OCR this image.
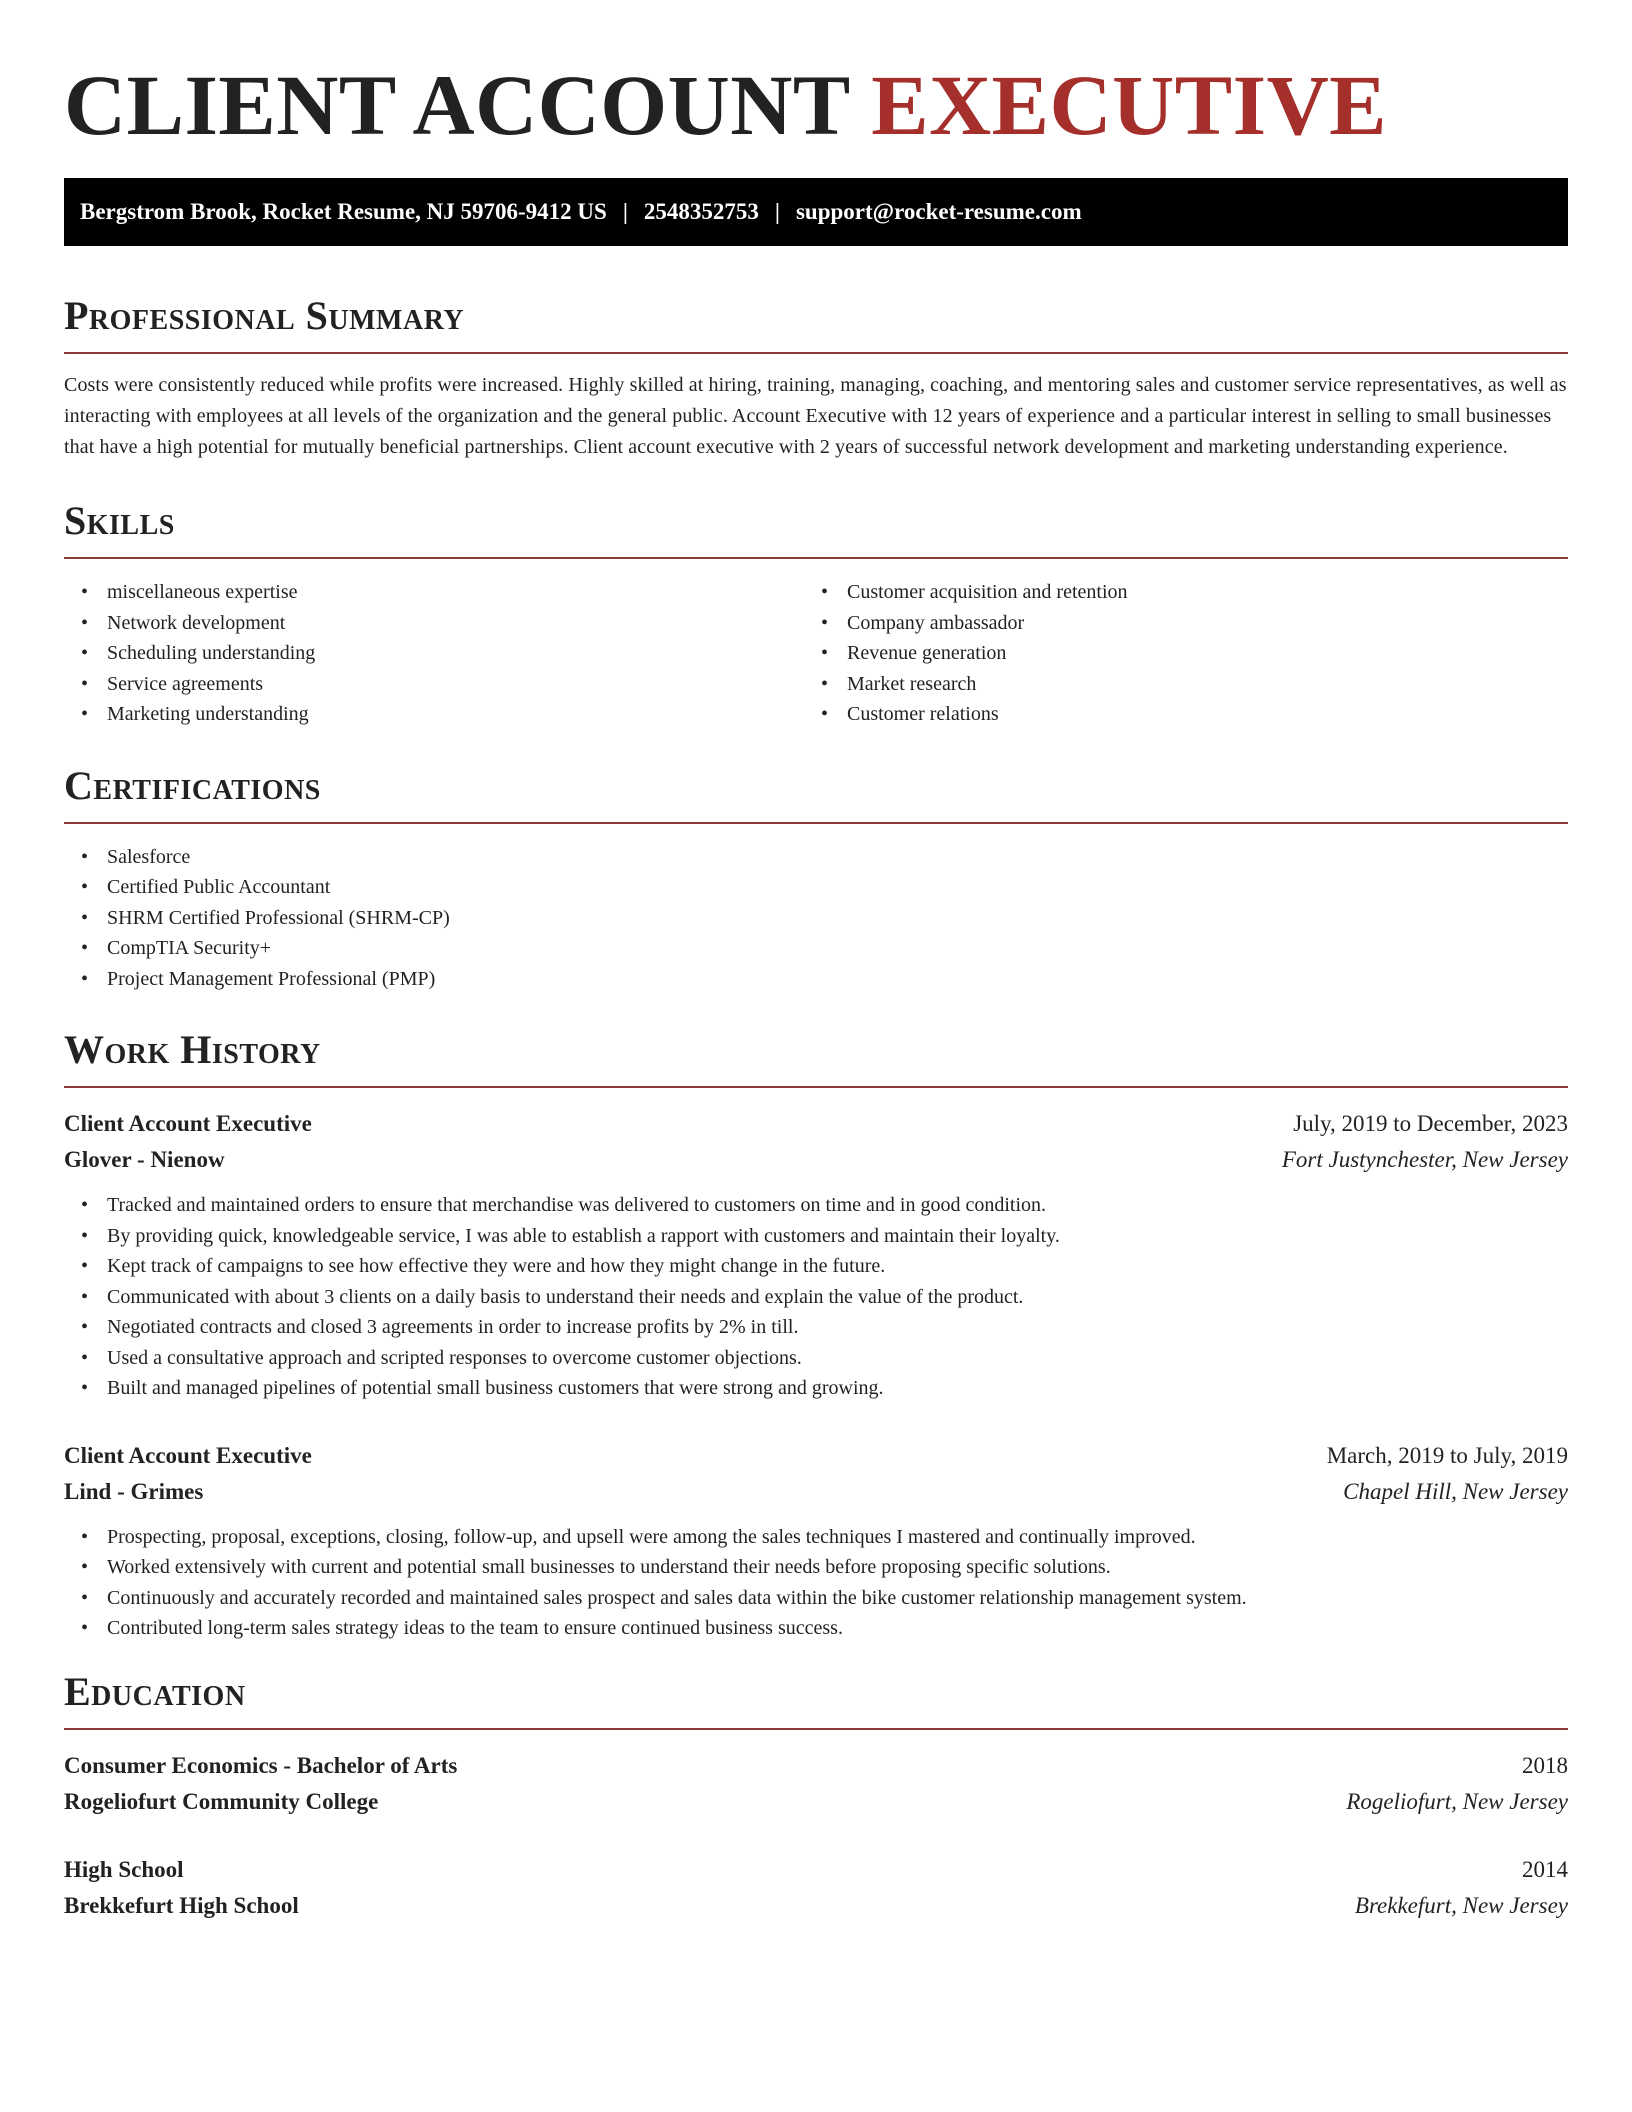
CLIENT ACCOUNT EXECUTIVE
Bergstrom Brook, Rocket Resume, NJ 59706-9412 US | 2548352753 | support@rocket-resume.com
Professional Summary

Costs were consistently reduced while profits were increased. Highly skilled at hiring, training, managing, coaching, and mentoring sales and customer service representatives, as well as interacting with employees at all levels of the organization and the general public. Account Executive with 12 years of experience and a particular interest in selling to small businesses that have a high potential for mutually beneficial partnerships. Client account executive with 2 years of successful network development and marketing understanding experience.

Skills
• miscellaneous expertise
• Network development
• Scheduling understanding
• Service agreements
• Marketing understanding
• Customer acquisition and retention
• Company ambassador
• Revenue generation
• Market research
• Customer relations
Certifications
• Salesforce
• Certified Public Accountant
• SHRM Certified Professional (SHRM-CP)
• CompTIA Security+
• Project Management Professional (PMP)
Work History
Client Account Executive	July, 2019 to December, 2023
Glover - Nienow	Fort Justynchester, New Jersey
• Tracked and maintained orders to ensure that merchandise was delivered to customers on time and in good condition.
• By providing quick, knowledgeable service, I was able to establish a rapport with customers and maintain their loyalty.
• Kept track of campaigns to see how effective they were and how they might change in the future.
• Communicated with about 3 clients on a daily basis to understand their needs and explain the value of the product.
• Negotiated contracts and closed 3 agreements in order to increase profits by 2% in till.
• Used a consultative approach and scripted responses to overcome customer objections.
• Built and managed pipelines of potential small business customers that were strong and growing.
Client Account Executive	March, 2019 to July, 2019
Lind - Grimes	Chapel Hill, New Jersey
• Prospecting, proposal, exceptions, closing, follow-up, and upsell were among the sales techniques I mastered and continually improved.
• Worked extensively with current and potential small businesses to understand their needs before proposing specific solutions.
• Continuously and accurately recorded and maintained sales prospect and sales data within the bike customer relationship management system.
• Contributed long-term sales strategy ideas to the team to ensure continued business success.
Education
Consumer Economics - Bachelor of Arts	2018
Rogeliofurt Community College	Rogeliofurt, New Jersey
High School	2014
Brekkefurt High School	Brekkefurt, New Jersey
